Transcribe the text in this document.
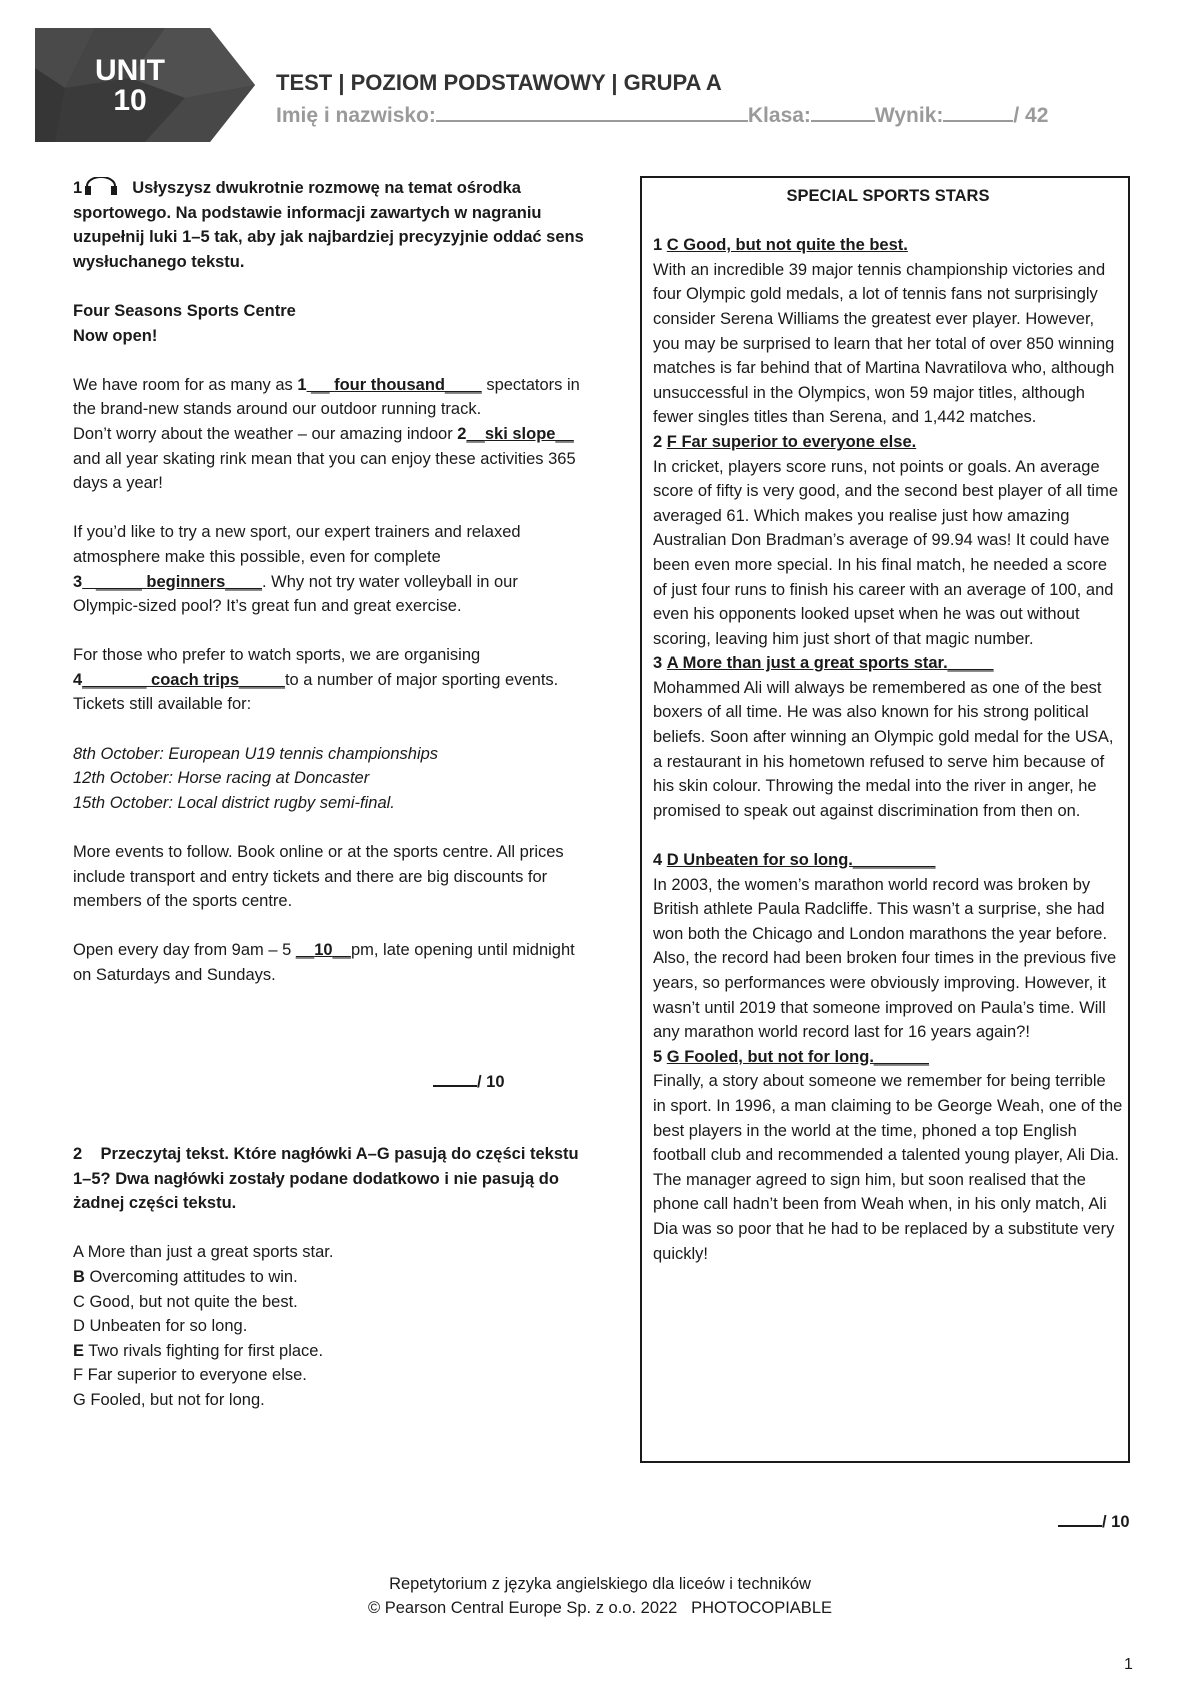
UNIT
10
TEST | POZIOM PODSTAWOWY | GRUPA A
Imię i nazwisko:	Klasa:	Wynik:	/ 42

1	Usłyszysz dwukrotnie rozmowę na temat ośrodka sportowego. Na podstawie informacji zawartych w nagraniu uzupełnij luki 1–5 tak, aby jak najbardziej precyzyjnie oddać sens wysłuchanego tekstu.

Four Seasons Sports Centre

Now open!

We have room for as many as 1 __ four thousand____ spectators in the brand-new stands around our outdoor running track.
Don’t worry about the weather – our amazing indoor 2__ski slope__ and all year skating rink mean that you can enjoy these activities 365 days a year!

If you’d like to try a new sport, our expert trainers and relaxed atmosphere make this possible, even for complete
3   _____ beginners____. Why not try water volleyball in our Olympic-sized pool? It’s great fun and great exercise.

For those who prefer to watch sports, we are organising
4_______ coach trips_____to a number of major sporting events. Tickets still available for:

8th October: European U19 tennis championships

12th October: Horse racing at Doncaster

15th October: Local district rugby semi-final.

More events to follow. Book online or at the sports centre. All prices include transport and entry tickets and there are big discounts for members of the sports centre.

Open every day from 9am – 5 __10__pm, late opening until midnight on Saturdays and Sundays.

/ 10

2 Przeczytaj tekst. Które nagłówki A–G pasują do części tekstu 1–5? Dwa nagłówki zostały podane dodatkowo i nie pasują do żadnej części tekstu.

A More than just a great sports star.

B Overcoming attitudes to win.

C Good, but not quite the best.

D Unbeaten for so long.

E Two rivals fighting for first place.

F Far superior to everyone else.

G Fooled, but not for long.

SPECIAL SPORTS STARS

1 C Good, but not quite the best.

With an incredible 39 major tennis championship victories and four Olympic gold medals, a lot of tennis fans not surprisingly consider Serena Williams the greatest ever player. However, you may be surprised to learn that her total of over 850 winning matches is far behind that of Martina Navratilova who, although unsuccessful in the Olympics, won 59 major titles, although fewer singles titles than Serena, and 1,442 matches.

2 F Far superior to everyone else.

In cricket, players score runs, not points or goals. An average score of fifty is very good, and the second best player of all time averaged 61. Which makes you realise just how amazing Australian Don Bradman’s average of 99.94 was! It could have been even more special. In his final match, he needed a score of just four runs to finish his career with an average of 100, and even his opponents looked upset when he was out without scoring, leaving him just short of that magic number.

3 A More than just a great sports star._____

Mohammed Ali will always be remembered as one of the best boxers of all time. He was also known for his strong political beliefs. Soon after winning an Olympic gold medal for the USA, a restaurant in his hometown refused to serve him because of his skin colour. Throwing the medal into the river in anger, he promised to speak out against discrimination from then on.

4 D Unbeaten for so long._________

In 2003, the women’s marathon world record was broken by British athlete Paula Radcliffe. This wasn’t a surprise, she had won both the Chicago and London marathons the year before. Also, the record had been broken four times in the previous five years, so performances were obviously improving. However, it wasn’t until 2019 that someone improved on Paula’s time. Will any marathon world record last for 16 years again?!

5 G Fooled, but not for long.______

Finally, a story about someone we remember for being terrible in sport. In 1996, a man claiming to be George Weah, one of the best players in the world at the time, phoned a top English football club and recommended a talented young player, Ali Dia. The manager agreed to sign him, but soon realised that the phone call hadn’t been from Weah when, in his only match, Ali Dia was so poor that he had to be replaced by a substitute very quickly!

/ 10
Repetytorium z języka angielskiego dla liceów i techników
© Pearson Central Europe Sp. z o.o. 2022   PHOTOCOPIABLE
1
